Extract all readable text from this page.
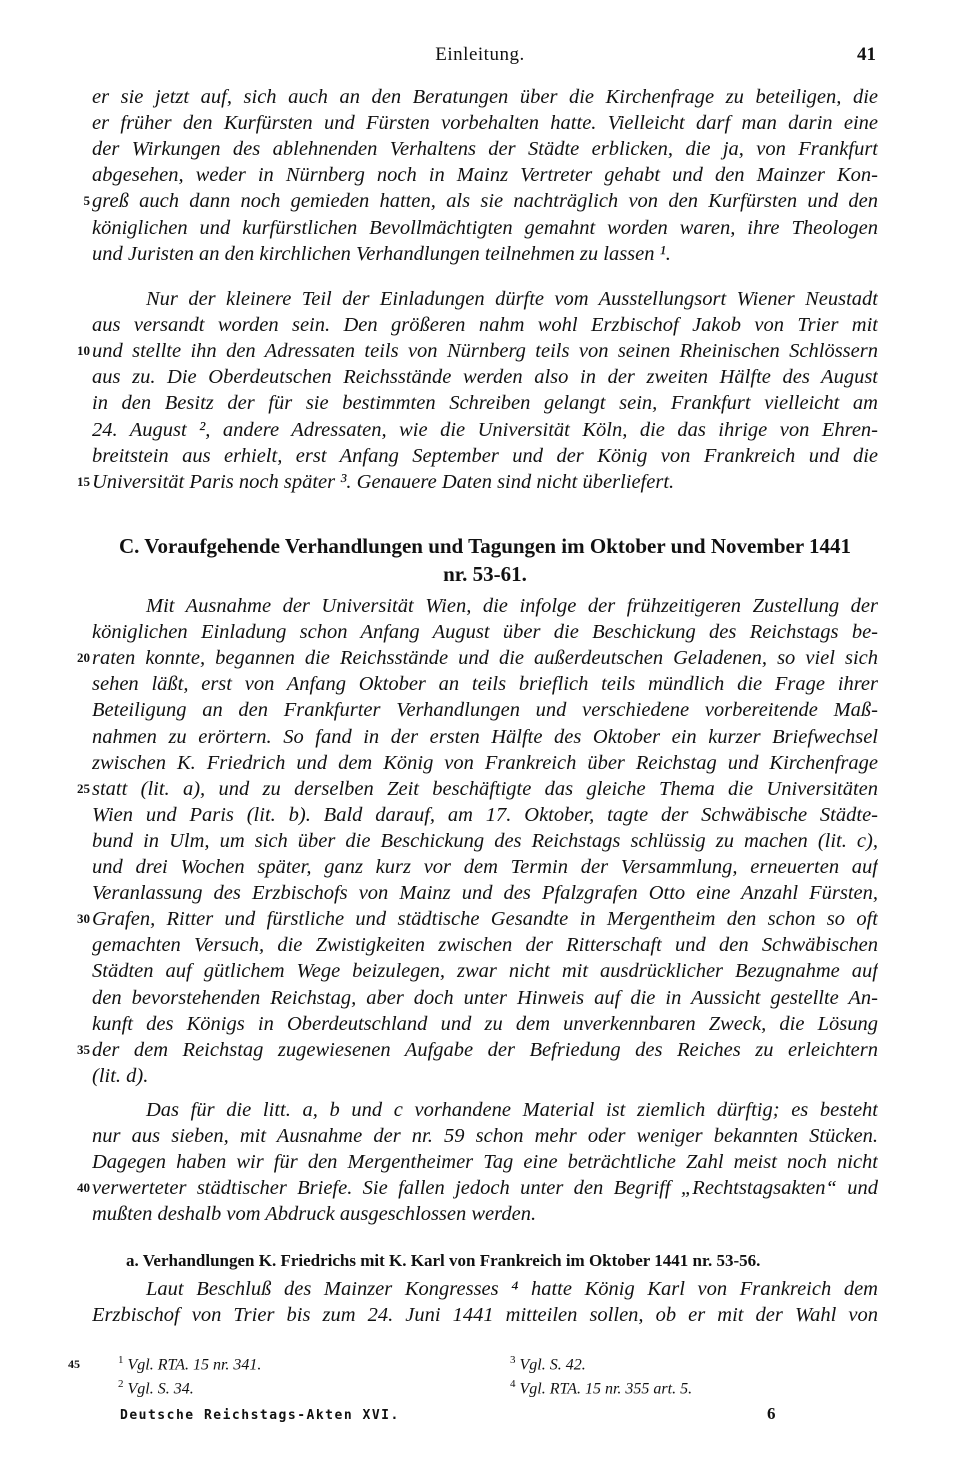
Einleitung.	41
er sie jetzt auf, sich auch an den Beratungen über die Kirchenfrage zu beteiligen, die
er früher den Kurfürsten und Fürsten vorbehalten hatte. Vielleicht darf man darin eine
der Wirkungen des ablehnenden Verhaltens der Städte erblicken, die ja, von Frankfurt
abgesehen, weder in Nürnberg noch in Mainz Vertreter gehabt und den Mainzer Kon-
greß auch dann noch gemieden hatten, als sie nachträglich von den Kurfürsten und den
5
königlichen und kurfürstlichen Bevollmächtigten gemahnt worden waren, ihre Theologen
und Juristen an den kirchlichen Verhandlungen teilnehmen zu lassen ¹.
Nur der kleinere Teil der Einladungen dürfte vom Ausstellungsort Wiener Neustadt
aus versandt worden sein. Den größeren nahm wohl Erzbischof Jakob von Trier mit
und stellte ihn den Adressaten teils von Nürnberg teils von seinen Rheinischen Schlössern
10
aus zu. Die Oberdeutschen Reichsstände werden also in der zweiten Hälfte des August
in den Besitz der für sie bestimmten Schreiben gelangt sein, Frankfurt vielleicht am
24. August ², andere Adressaten, wie die Universität Köln, die das ihrige von Ehren-
breitstein aus erhielt, erst Anfang September und der König von Frankreich und die
Universität Paris noch später ³. Genauere Daten sind nicht überliefert.
15
C. Voraufgehende Verhandlungen und Tagungen im Oktober und November 1441
nr. 53-61.
Mit Ausnahme der Universität Wien, die infolge der frühzeitigeren Zustellung der
königlichen Einladung schon Anfang August über die Beschickung des Reichstags be-
raten konnte, begannen die Reichsstände und die außerdeutschen Geladenen, so viel sich
20
sehen läßt, erst von Anfang Oktober an teils brieflich teils mündlich die Frage ihrer
Beteiligung an den Frankfurter Verhandlungen und verschiedene vorbereitende Maß-
nahmen zu erörtern. So fand in der ersten Hälfte des Oktober ein kurzer Briefwechsel
zwischen K. Friedrich und dem König von Frankreich über Reichstag und Kirchenfrage
statt (lit. a), und zu derselben Zeit beschäftigte das gleiche Thema die Universitäten
25
Wien und Paris (lit. b). Bald darauf, am 17. Oktober, tagte der Schwäbische Städte-
bund in Ulm, um sich über die Beschickung des Reichstags schlüssig zu machen (lit. c),
und drei Wochen später, ganz kurz vor dem Termin der Versammlung, erneuerten auf
Veranlassung des Erzbischofs von Mainz und des Pfalzgrafen Otto eine Anzahl Fürsten,
Grafen, Ritter und fürstliche und städtische Gesandte in Mergentheim den schon so oft
30
gemachten Versuch, die Zwistigkeiten zwischen der Ritterschaft und den Schwäbischen
Städten auf gütlichem Wege beizulegen, zwar nicht mit ausdrücklicher Bezugnahme auf
den bevorstehenden Reichstag, aber doch unter Hinweis auf die in Aussicht gestellte An-
kunft des Königs in Oberdeutschland und zu dem unverkennbaren Zweck, die Lösung
der dem Reichstag zugewiesenen Aufgabe der Befriedung des Reiches zu erleichtern
35
(lit. d).
Das für die litt. a, b und c vorhandene Material ist ziemlich dürftig; es besteht
nur aus sieben, mit Ausnahme der nr. 59 schon mehr oder weniger bekannten Stücken.
Dagegen haben wir für den Mergentheimer Tag eine beträchtliche Zahl meist noch nicht
verwerteter städtischer Briefe. Sie fallen jedoch unter den Begriff „Rechtstagsakten“ und
40
mußten deshalb vom Abdruck ausgeschlossen werden.
a. Verhandlungen K. Friedrichs mit K. Karl von Frankreich im Oktober 1441 nr. 53-56.
Laut Beschluß des Mainzer Kongresses ⁴ hatte König Karl von Frankreich dem
Erzbischof von Trier bis zum 24. Juni 1441 mitteilen sollen, ob er mit der Wahl von
45	$^1$ Vgl. RTA. 15 nr. 341.
$^2$ Vgl. S. 34.
$^3$ Vgl. S. 42.
$^4$ Vgl. RTA. 15 nr. 355 art. 5.
Deutsche Reichstags-Akten XVI.	6
